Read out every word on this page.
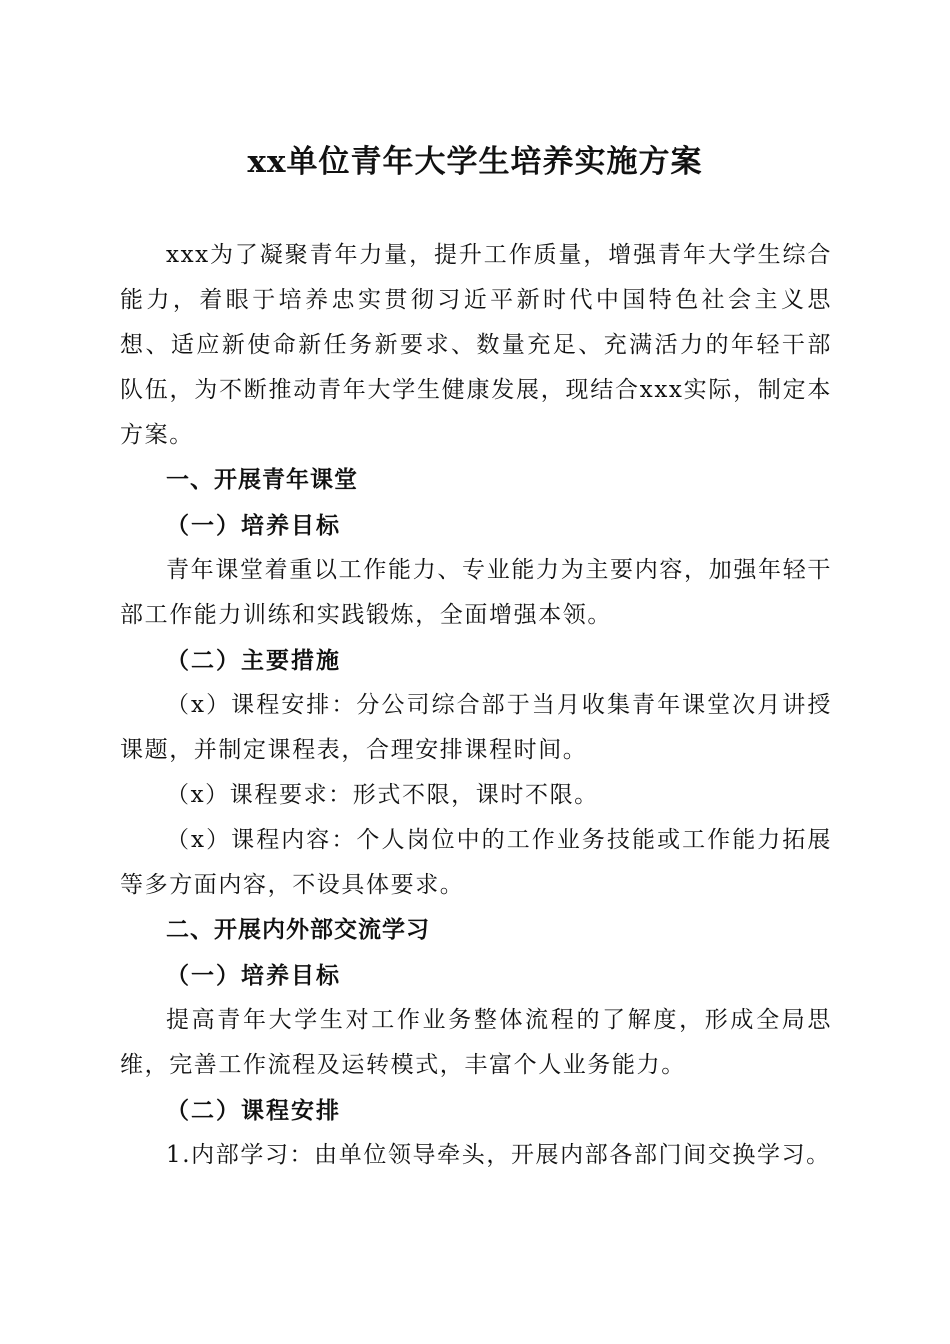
xx单位青年大学生培养实施方案

xxx为了凝聚青年力量，提升工作质量，增强青年大学生综合能力，着眼于培养忠实贯彻习近平新时代中国特色社会主义思想、适应新使命新任务新要求、数量充足、充满活力的年轻干部队伍，为不断推动青年大学生健康发展，现结合xxx实际，制定本方案。

一、开展青年课堂

（一）培养目标

青年课堂着重以工作能力、专业能力为主要内容，加强年轻干部工作能力训练和实践锻炼，全面增强本领。

（二）主要措施

（x）课程安排：分公司综合部于当月收集青年课堂次月讲授课题，并制定课程表，合理安排课程时间。

（x）课程要求：形式不限，课时不限。

（x）课程内容：个人岗位中的工作业务技能或工作能力拓展等多方面内容，不设具体要求。

二、开展内外部交流学习

（一）培养目标

提高青年大学生对工作业务整体流程的了解度，形成全局思维，完善工作流程及运转模式，丰富个人业务能力。

（二）课程安排

1.内部学习：由单位领导牵头，开展内部各部门间交换学习。
